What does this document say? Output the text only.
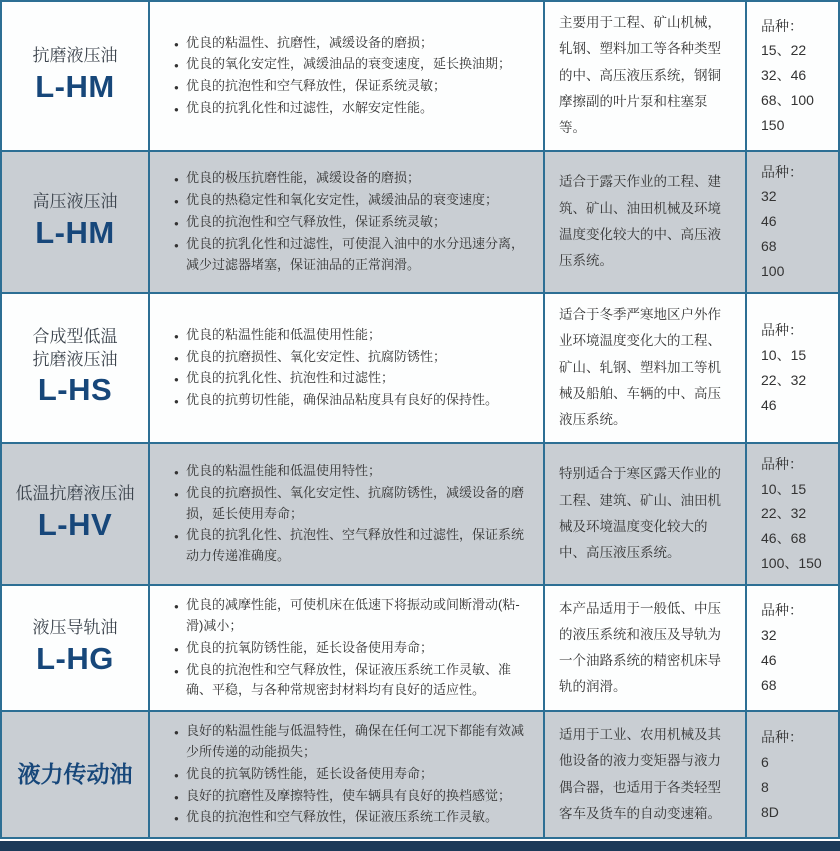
抗磨液压油
L-HM
● 优良的粘温性、抗磨性，减缓设备的磨损；
● 优良的氧化安定性，减缓油品的衰变速度，延长换油期；
● 优良的抗泡性和空气释放性，保证系统灵敏；
● 优良的抗乳化性和过滤性，水解安定性能。

主要用于工程、矿山机械，轧钢、塑料加工等各种类型的中、高压液压系统，钢铜摩擦副的叶片泵和柱塞泵等。

品种：
15、22
32、46
68、100
150
高压液压油
L-HM
● 优良的极压抗磨性能，减缓设备的磨损；
● 优良的热稳定性和氧化安定性，减缓油品的衰变速度；
● 优良的抗泡性和空气释放性，保证系统灵敏；
● 优良的抗乳化性和过滤性，可使混入油中的水分迅速分离，减少过滤器堵塞，保证油品的正常润滑。

适合于露天作业的工程、建筑、矿山、油田机械及环境温度变化较大的中、高压液压系统。

品种：
32
46
68
100
合成型低温
抗磨液压油
L-HS
● 优良的粘温性能和低温使用性能；
● 优良的抗磨损性、氧化安定性、抗腐防锈性；
● 优良的抗乳化性、抗泡性和过滤性；
● 优良的抗剪切性能，确保油品粘度具有良好的保持性。

适合于冬季严寒地区户外作业环境温度变化大的工程、矿山、轧钢、塑料加工等机械及船舶、车辆的中、高压液压系统。

品种：
10、15
22、32
46
低温抗磨液压油
L-HV
● 优良的粘温性能和低温使用特性；
● 优良的抗磨损性、氧化安定性、抗腐防锈性，减缓设备的磨损，延长使用寿命；
● 优良的抗乳化性、抗泡性、空气释放性和过滤性，保证系统动力传递准确度。

特别适合于寒区露天作业的工程、建筑、矿山、油田机械及环境温度变化较大的中、高压液压系统。

品种：
10、15
22、32
46、68
100、150
液压导轨油
L-HG
● 优良的减摩性能，可使机床在低速下将振动或间断滑动(粘-滑)减小；
● 优良的抗氧防锈性能，延长设备使用寿命；
● 优良的抗泡性和空气释放性，保证液压系统工作灵敏、准确、平稳，与各种常规密封材料均有良好的适应性。

本产品适用于一般低、中压的液压系统和液压及导轨为一个油路系统的精密机床导轨的润滑。

品种：
32
46
68
液力传动油
● 良好的粘温性能与低温特性，确保在任何工况下都能有效减少所传递的动能损失；
● 优良的抗氧防锈性能，延长设备使用寿命；
● 良好的抗磨性及摩擦特性，使车辆具有良好的换档感觉；
● 优良的抗泡性和空气释放性，保证液压系统工作灵敏。

适用于工业、农用机械及其他设备的液力变矩器与液力偶合器，也适用于各类轻型客车及货车的自动变速箱。

品种：
6
8
8D
